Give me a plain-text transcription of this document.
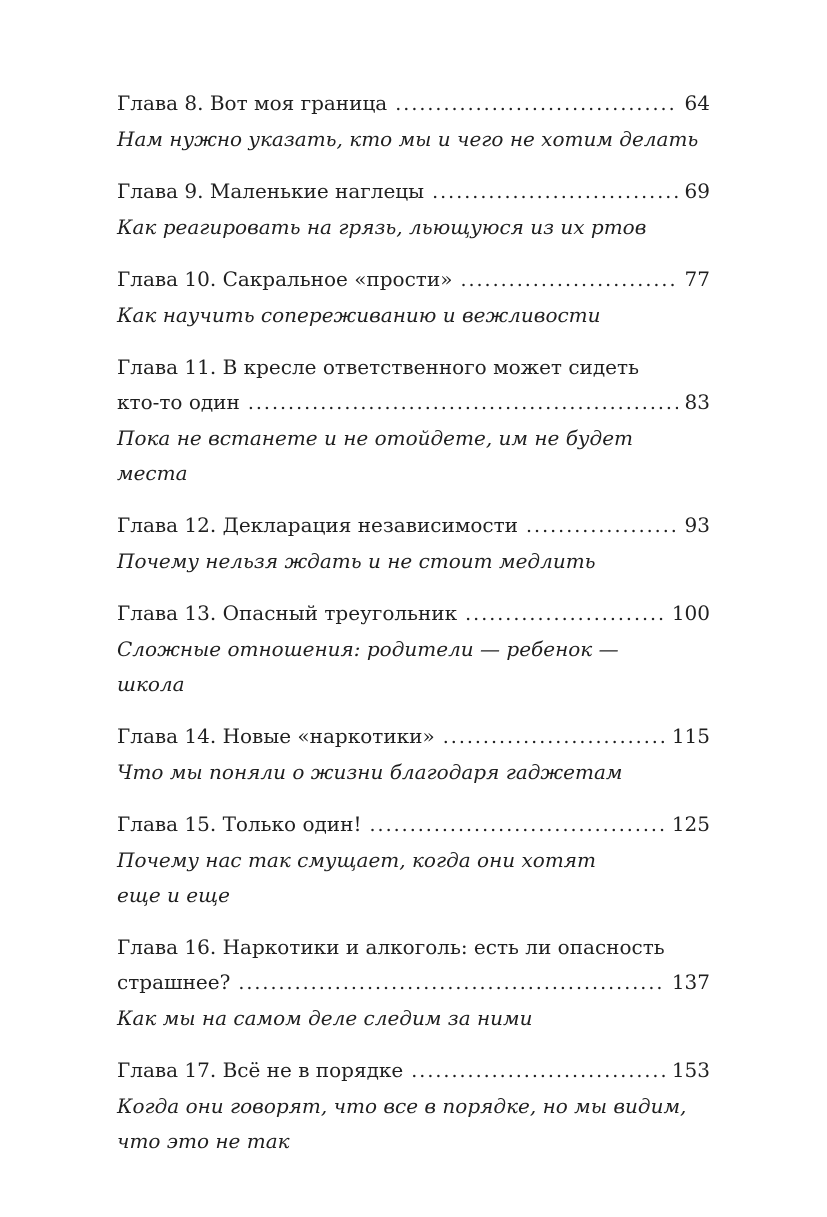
Глава 8. Вот моя граница .....	64
Нам нужно указать, кто мы и чего не хотим делать
Глава 9. Маленькие наглецы .....	69
Как реагировать на грязь, льющуюся из их ртов
Глава 10. Сакральное «прости» .....	77
Как научить сопереживанию и вежливости
Глава 11. В кресле ответственного может сидеть
кто-то один .....	83
Пока не встанете и не отойдете, им не будет
места
Глава 12. Декларация независимости .....	93
Почему нельзя ждать и не стоит медлить
Глава 13. Опасный треугольник .....	100
Сложные отношения: родители — ребенок —
школа
Глава 14. Новые «наркотики» .....	115
Что мы поняли о жизни благодаря гаджетам
Глава 15. Только один! .....	125
Почему нас так смущает, когда они хотят
еще и еще
Глава 16. Наркотики и алкоголь: есть ли опасность
страшнее? .....	137
Как мы на самом деле следим за ними
Глава 17. Всё не в порядке .....	153
Когда они говорят, что все в порядке, но мы видим,
что это не так
